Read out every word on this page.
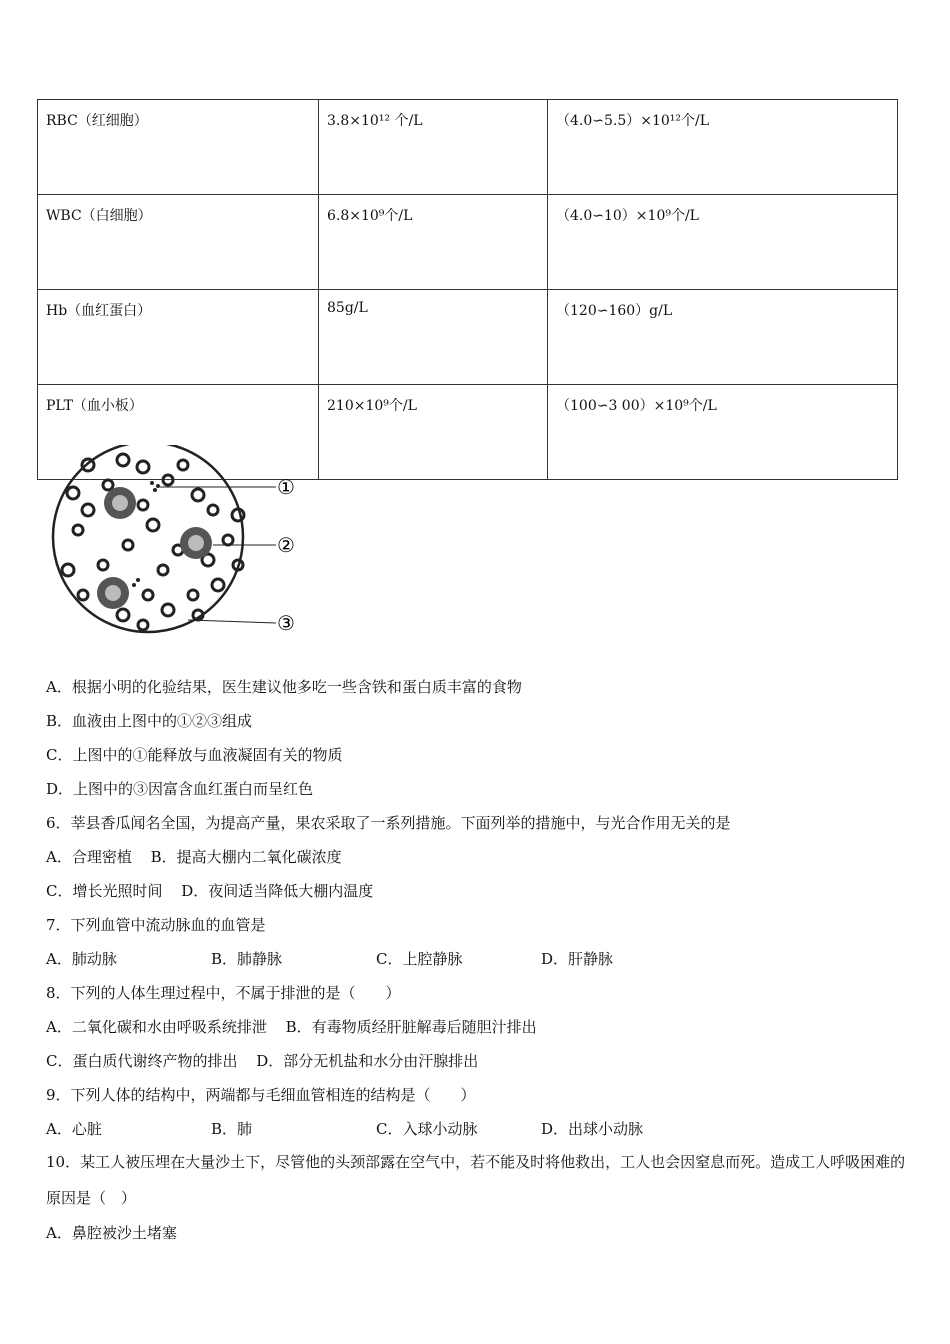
RBC（红细胞）	3.8×10¹² 个/L	（4.0∽5.5）×10¹²个/L
WBC（白细胞）	6.8×10⁹个/L	（4.0∽10）×10⁹个/L
Hb（血红蛋白）	85g/L	（120∽160）g/L
PLT（血小板）	210×10⁹个/L	（100∽3 00）×10⁹个/L
①
②
③
A．根据小明的化验结果，医生建议他多吃一些含铁和蛋白质丰富的食物
B．血液由上图中的①②③组成
C．上图中的①能释放与血液凝固有关的物质
D．上图中的③因富含血红蛋白而呈红色
6．莘县香瓜闻名全国，为提高产量，果农采取了一系列措施。下面列举的措施中，与光合作用无关的是
A．合理密植 B．提高大棚内二氧化碳浓度
C．增长光照时间 D．夜间适当降低大棚内温度
7．下列血管中流动脉血的血管是
A．肺动脉	B．肺静脉	C．上腔静脉	D．肝静脉
8．下列的人体生理过程中，不属于排泄的是（　　）
A．二氧化碳和水由呼吸系统排泄 B．有毒物质经肝脏解毒后随胆汁排出
C．蛋白质代谢终产物的排出 D．部分无机盐和水分由汗腺排出
9．下列人体的结构中，两端都与毛细血管相连的结构是（　　）
A．心脏	B．肺	C．入球小动脉	D．出球小动脉
10．某工人被压埋在大量沙土下，尽管他的头颈部露在空气中，若不能及时将他救出，工人也会因窒息而死。造成工人呼吸困难的原因是（　）
A．鼻腔被沙土堵塞
